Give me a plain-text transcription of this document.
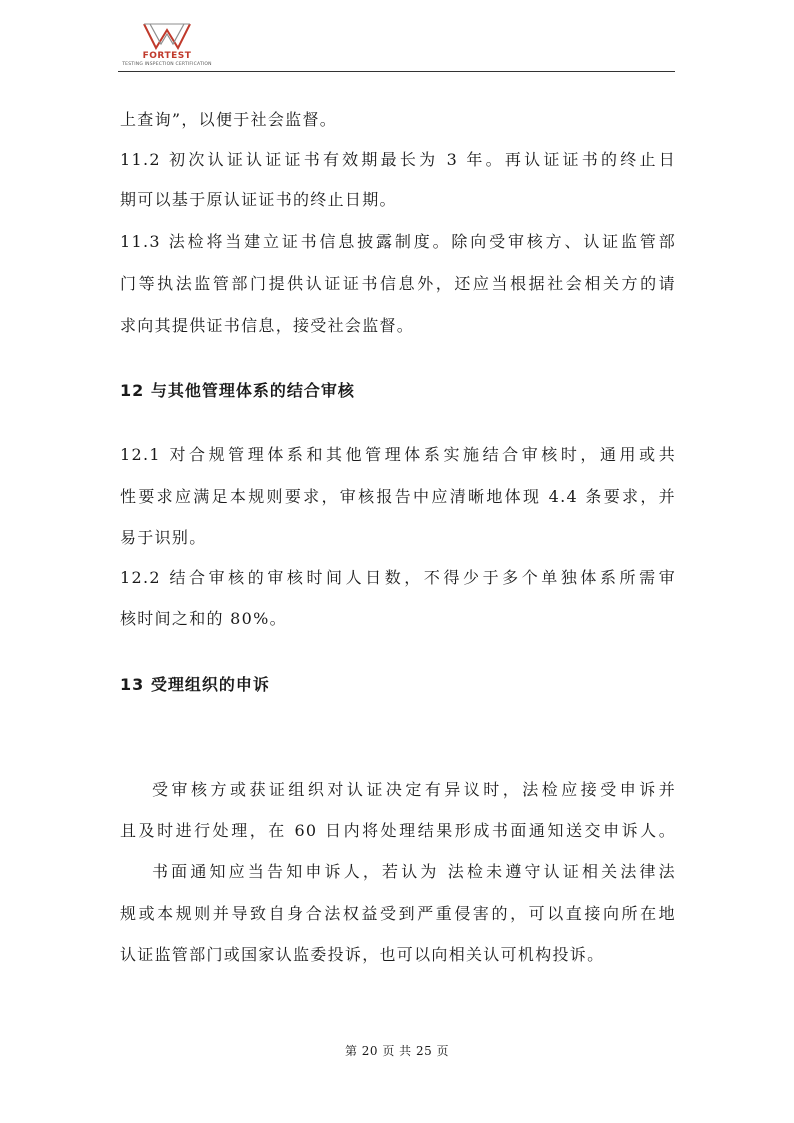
FORTEST
TESTING INSPECTION CERTIFICATION
上查询”，以便于社会监督。
11.2 初次认证认证证书有效期最长为 3 年。再认证证书的终止日
期可以基于原认证证书的终止日期。
11.3 法检将当建立证书信息披露制度。除向受审核方、认证监管部
门等执法监管部门提供认证证书信息外，还应当根据社会相关方的请
求向其提供证书信息，接受社会监督。
12 与其他管理体系的结合审核
12.1 对合规管理体系和其他管理体系实施结合审核时，通用或共
性要求应满足本规则要求，审核报告中应清晰地体现 4.4 条要求，并
易于识别。
12.2 结合审核的审核时间人日数，不得少于多个单独体系所需审
核时间之和的 80%。
13 受理组织的申诉
受审核方或获证组织对认证决定有异议时，法检应接受申诉并
且及时进行处理，在 60 日内将处理结果形成书面通知送交申诉人。
书面通知应当告知申诉人，若认为 法检未遵守认证相关法律法
规或本规则并导致自身合法权益受到严重侵害的，可以直接向所在地
认证监管部门或国家认监委投诉，也可以向相关认可机构投诉。
第 20 页 共 25 页
